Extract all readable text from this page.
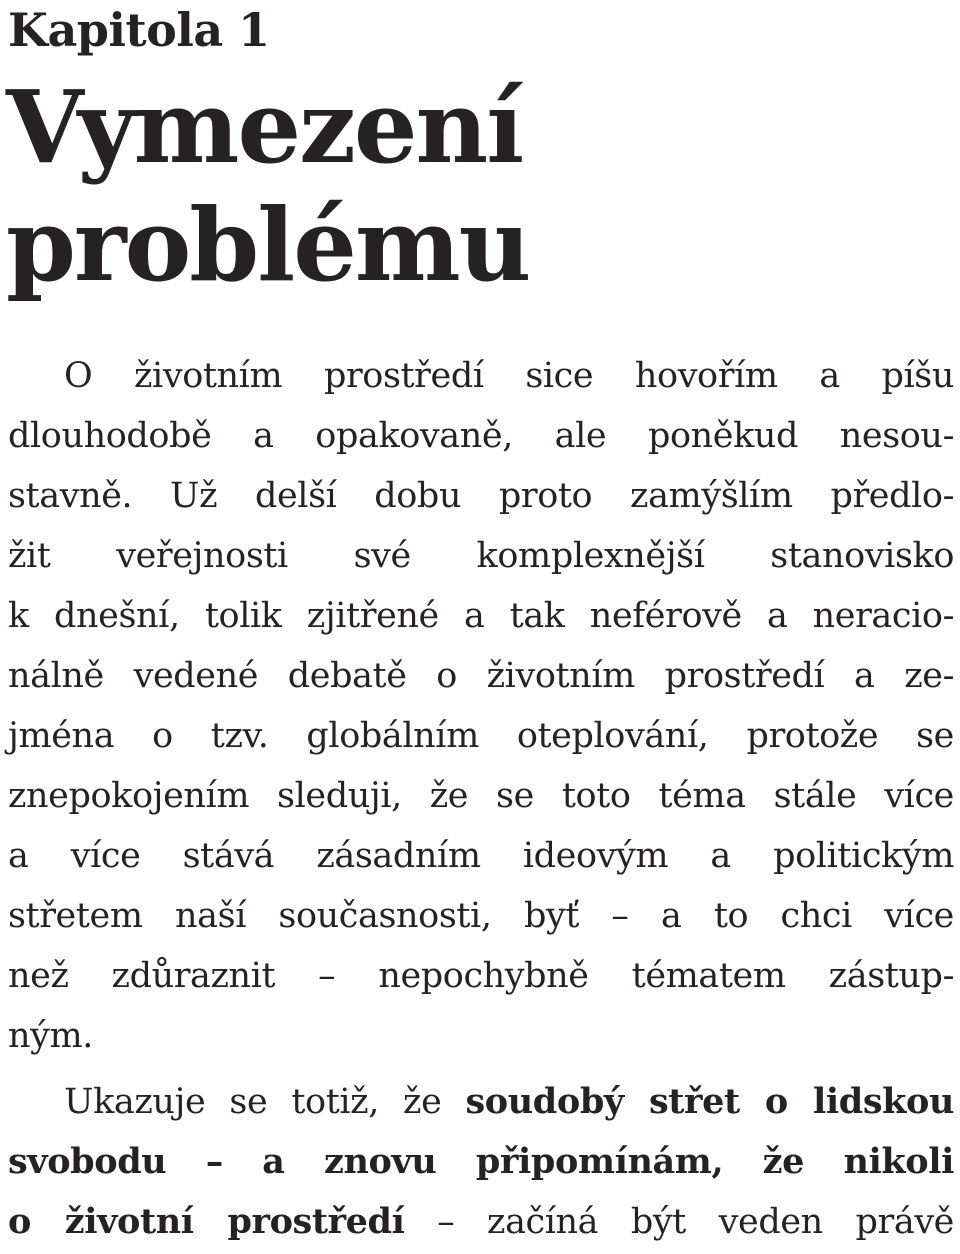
Kapitola 1
Vymezení
problému
O životním prostředí sice hovořím a píšu
dlouhodobě a opakovaně, ale poněkud nesou-
stavně. Už delší dobu proto zamýšlím předlo-
žit veřejnosti své komplexnější stanovisko
k dnešní, tolik zjitřené a tak neférově a neracio-
nálně vedené debatě o životním prostředí a ze-
jména o tzv. globálním oteplování, protože se
znepokojením sleduji, že se toto téma stále více
a více stává zásadním ideovým a politickým
střetem naší současnosti, byť – a to chci více
než zdůraznit – nepochybně tématem zástup-
ným.
Ukazuje se totiž, že soudobý střet o lidskou
svobodu – a znovu připomínám, že nikoli
o životní prostředí – začíná být veden právě
